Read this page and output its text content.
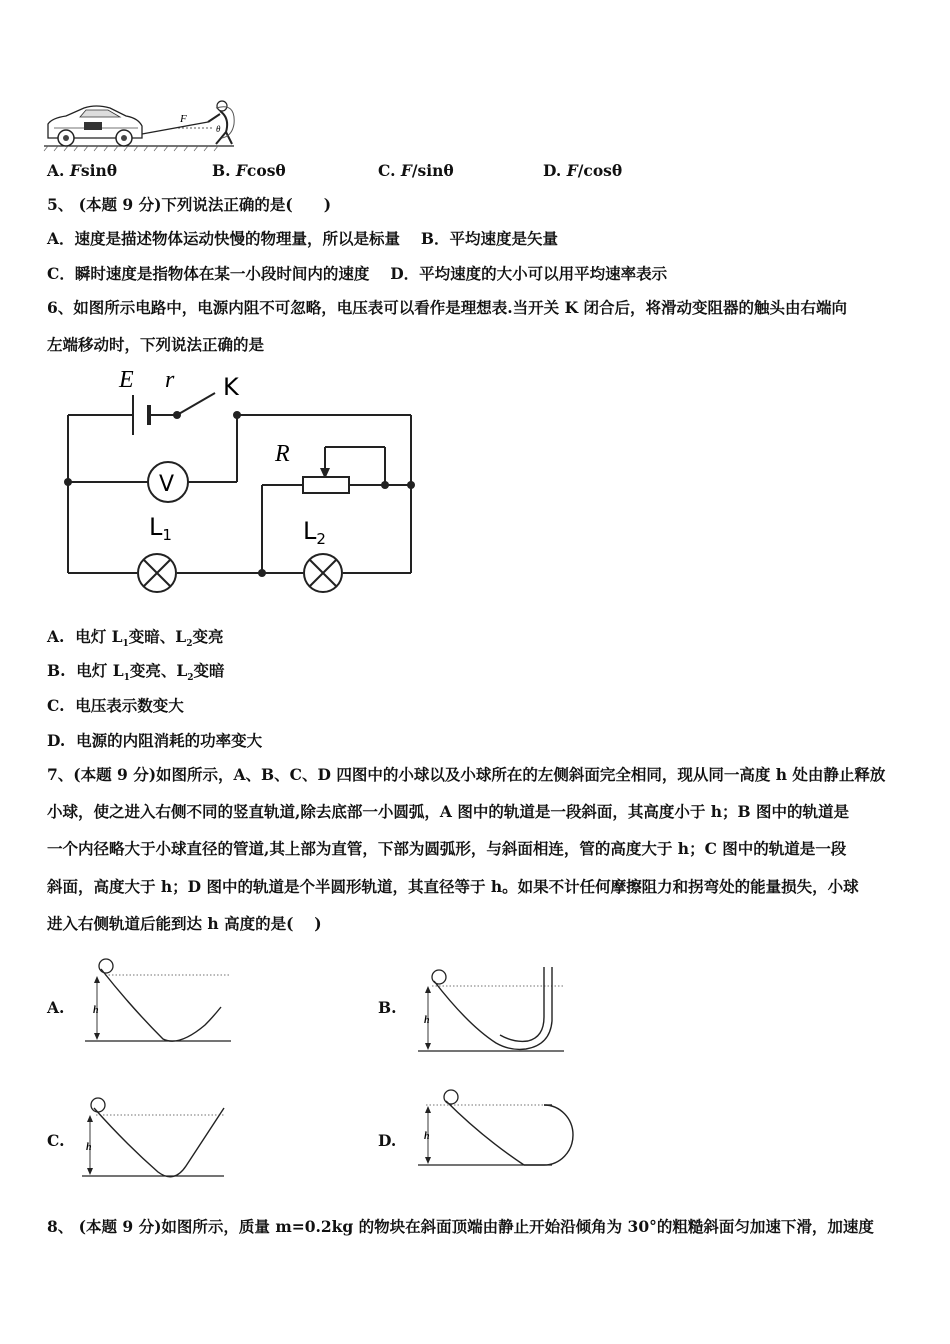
F
θ
A. Fsinθ	B. Fcosθ	C. F/sinθ	D. F/cosθ
5、 (本题 9 分)下列说法正确的是(　　)
A．速度是描述物体运动快慢的物理量，所以是标量　 B．平均速度是矢量
C．瞬时速度是指物体在某一小段时间内的速度　 D．平均速度的大小可以用平均速率表示
6、如图所示电路中，电源内阻不可忽略，电压表可以看作是理想表.当开关 K 闭合后，将滑动变阻器的触头由右端向
左端移动时，下列说法正确的是
V
E r K
R
$L_1$	$L_2$
A. 电灯 $L_1$变暗、$L_2$变亮
B. 电灯 $L_1$变亮、$L_2$变暗
C. 电压表示数变大
D. 电源的内阻消耗的功率变大
7、(本题 9 分)如图所示，A、B、C、D 四图中的小球以及小球所在的左侧斜面完全相同，现从同一高度 h 处由静止释放
小球，使之进入右侧不同的竖直轨道,除去底部一小圆弧，A 图中的轨道是一段斜面，其高度小于 h；B 图中的轨道是
一个内径略大于小球直径的管道,其上部为直管，下部为圆弧形，与斜面相连，管的高度大于 h；C 图中的轨道是一段
斜面，高度大于 h；D 图中的轨道是个半圆形轨道，其直径等于 h。如果不计任何摩擦阻力和拐弯处的能量损失，小球
进入右侧轨道后能到达 h 高度的是(　 )
A.	B.
C.	D.
h
h
h
h
8、 (本题 9 分)如图所示，质量 m=0.2kg 的物块在斜面顶端由静止开始沿倾角为 30°的粗糙斜面匀加速下滑，加速度
